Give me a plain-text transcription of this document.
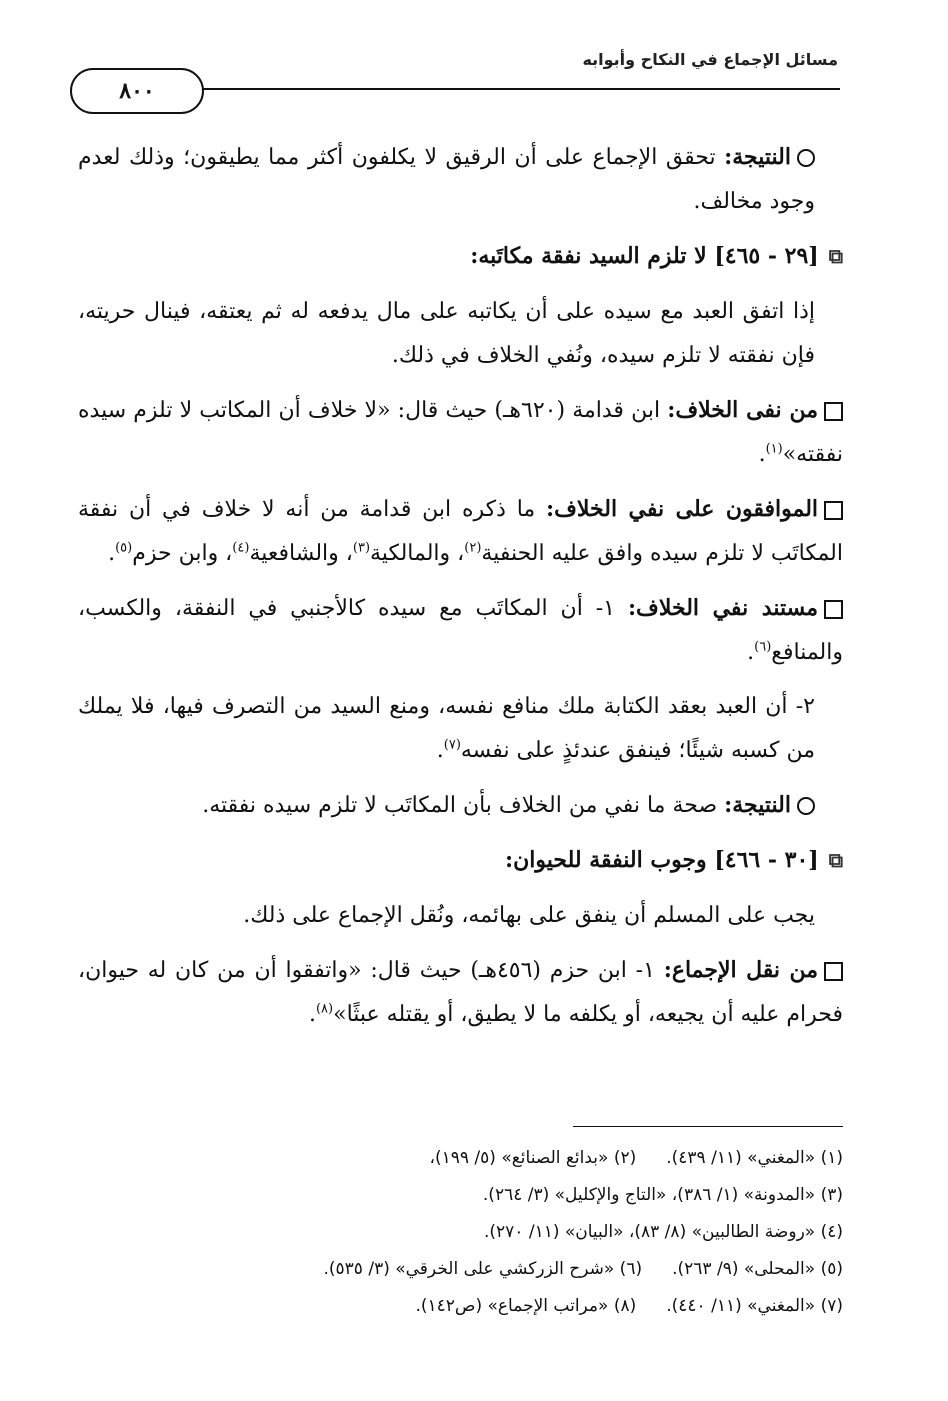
مسائل الإجماع في النكاح وأبوابه
٨٠٠

النتيجة: تحقق الإجماع على أن الرقيق لا يكلفون أكثر مما يطيقون؛ وذلك لعدم وجود مخالف.

⧉
[٢٩ - ٤٦٥] لا تلزم السيد نفقة مكاتَبه:

إذا اتفق العبد مع سيده على أن يكاتبه على مال يدفعه له ثم يعتقه، فينال حريته، فإن نفقته لا تلزم سيده، ونُفي الخلاف في ذلك.

من نفى الخلاف: ابن قدامة (٦٢٠هـ) حيث قال: «لا خلاف أن المكاتب لا تلزم سيده نفقته»$^{(١)}$.

الموافقون على نفي الخلاف: ما ذكره ابن قدامة من أنه لا خلاف في أن نفقة المكاتَب لا تلزم سيده وافق عليه الحنفية$^{(٢)}$، والمالكية$^{(٣)}$، والشافعية$^{(٤)}$، وابن حزم$^{(٥)}$.

مستند نفي الخلاف: ١- أن المكاتَب مع سيده كالأجنبي في النفقة، والكسب، والمنافع$^{(٦)}$.

٢- أن العبد بعقد الكتابة ملك منافع نفسه، ومنع السيد من التصرف فيها، فلا يملك من كسبه شيئًا؛ فينفق عندئذٍ على نفسه$^{(٧)}$.

النتيجة: صحة ما نفي من الخلاف بأن المكاتَب لا تلزم سيده نفقته.

⧉
[٣٠ - ٤٦٦] وجوب النفقة للحيوان:

يجب على المسلم أن ينفق على بهائمه، ونُقل الإجماع على ذلك.

من نقل الإجماع: ١- ابن حزم (٤٥٦هـ) حيث قال: «واتفقوا أن من كان له حيوان، فحرام عليه أن يجيعه، أو يكلفه ما لا يطيق، أو يقتله عبثًا»$^{(٨)}$.

(١) «المغني» (١١/ ٤٣٩).
(٢) «بدائع الصنائع» (٥/ ١٩٩)،
(٣) «المدونة» (١/ ٣٨٦)، «التاج والإكليل» (٣/ ٢٦٤).
(٤) «روضة الطالبين» (٨/ ٨٣)، «البيان» (١١/ ٢٧٠).
(٥) «المحلى» (٩/ ٢٦٣).
(٦) «شرح الزركشي على الخرقي» (٣/ ٥٣٥).
(٧) «المغني» (١١/ ٤٤٠).
(٨) «مراتب الإجماع» (ص١٤٢).
